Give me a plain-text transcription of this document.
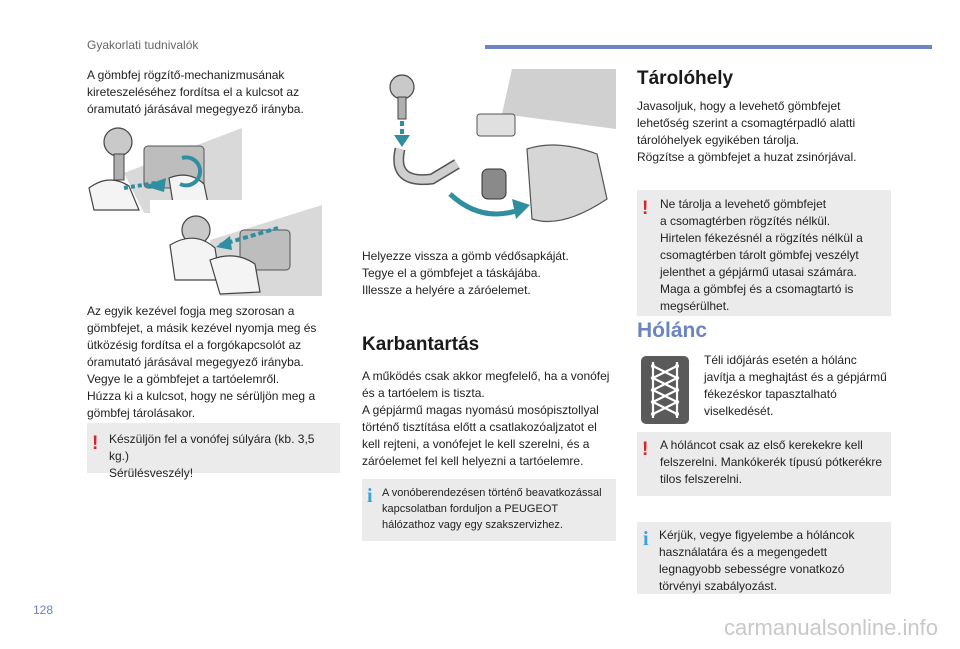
Gyakorlati tudnivalók

A gömbfej rögzítő-mechanizmusának
kireteszeléséhez fordítsa el a kulcsot az
óramutató járásával megegyező irányba.

Az egyik kezével fogja meg szorosan a
gömbfejet, a másik kezével nyomja meg és
ütközésig fordítsa el a forgókapcsolót az
óramutató járásával megegyező irányba.
Vegye le a gömbfejet a tartóelemről.
Húzza ki a kulcsot, hogy ne sérüljön meg a
gömbfej tárolásakor.

! Készüljön fel a vonófej súlyára (kb. 3,5 kg.)
Sérülésveszély!

Helyezze vissza a gömb védősapkáját.
Tegye el a gömbfejet a táskájába.
Illessze a helyére a záróelemet.

Karbantartás

A működés csak akkor megfelelő, ha a vonófej
és a tartóelem is tiszta.
A gépjármű magas nyomású mosópisztollyal
történő tisztítása előtt a csatlakozóaljzatot el
kell rejteni, a vonófejet le kell szerelni, és a
záróelemet fel kell helyezni a tartóelemre.

i A vonóberendezésen történő beavatkozással
kapcsolatban forduljon a PEUGEOT
hálózathoz vagy egy szakszervizhez.
Tárolóhely

Javasoljuk, hogy a levehető gömbfejet
lehetőség szerint a csomagtérpadló alatti
tárolóhelyek egyikében tárolja.
Rögzítse a gömbfejet a huzat zsinórjával.

! Ne tárolja a levehető gömbfejet
a csomagtérben rögzítés nélkül.
Hirtelen fékezésnél a rögzítés nélkül a
csomagtérben tárolt gömbfej veszélyt
jelenthet a gépjármű utasai számára.
Maga a gömbfej és a csomagtartó is
megsérülhet.
Hólánc

Téli időjárás esetén a hólánc
javítja a meghajtást és a gépjármű
fékezéskor tapasztalható
viselkedését.

! A hóláncot csak az első kerekekre kell
felszerelni. Mankókerék típusú pótkerékre
tilos felszerelni.
i Kérjük, vegye figyelembe a hóláncok
használatára és a megengedett
legnagyobb sebességre vonatkozó
törvényi szabályozást.
128
carmanualsonline.info
